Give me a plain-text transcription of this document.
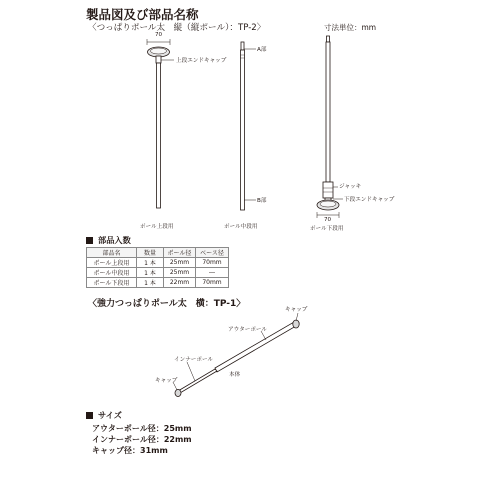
製品図及び部品名称
〈つっぱりポール太　縦（縦ポール）：TP-2〉	寸法単位：mm
70
上段エンドキャップ
ポール上段用
A部
B部
ポール中段用
ジャッキ
下段エンドキャップ
70
ポール下段用
部品入数
部品名	数量	ポール径	ベース径
ポール上段用	1 本	25mm	70mm
ポール中段用	1 本	25mm	―
ポール下段用	1 本	22mm	70mm
〈強力つっぱりポール太　横：TP-1〉
キャップ
アウターポール
インナーポール
本体
キャップ
サイズ
アウターポール径：25mm
インナーポール径：22mm
キャップ径：31mm
